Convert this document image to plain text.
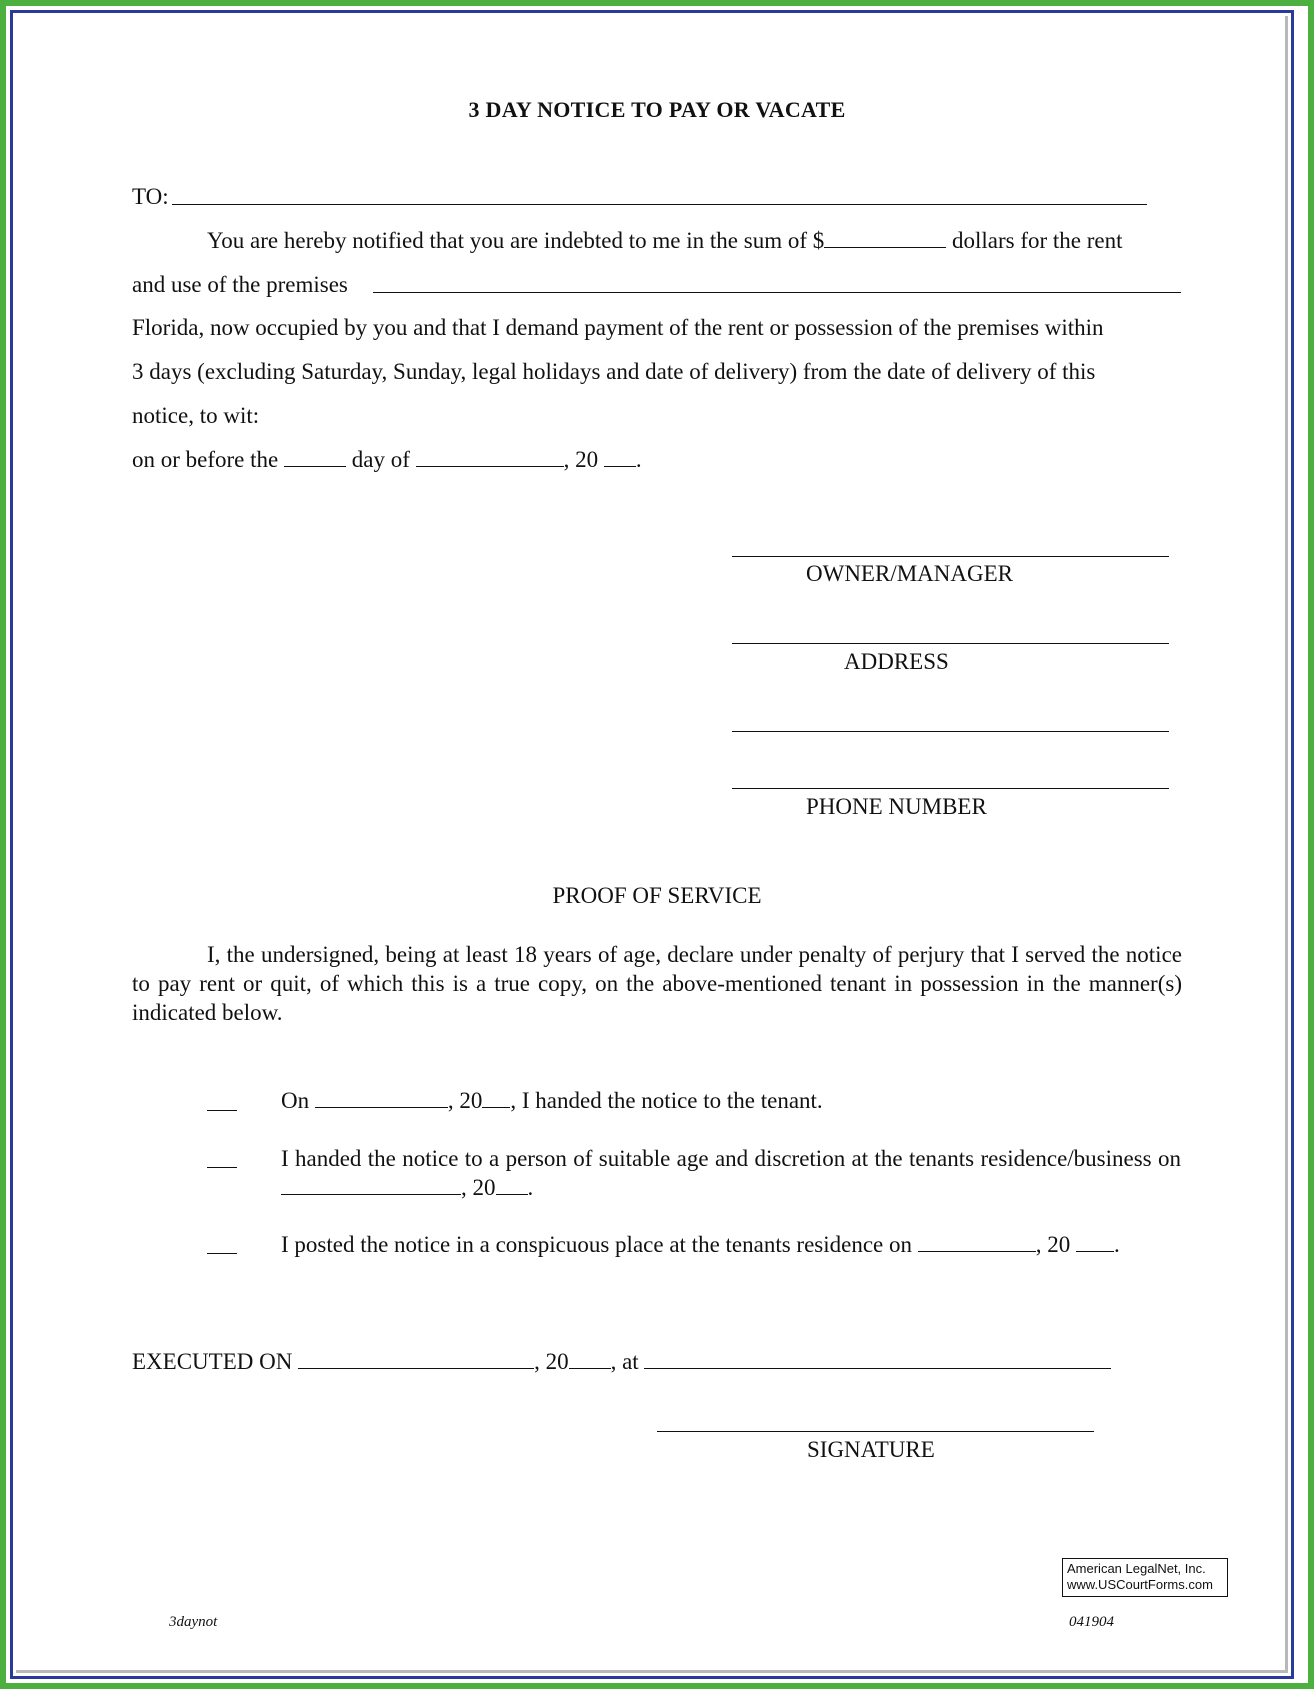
3 DAY NOTICE TO PAY OR VACATE
TO:
You are hereby notified that you are indebted to me in the sum of $	dollars for the rent
and use of the premises
Florida, now occupied by you and that I demand payment of the rent or possession of the premises within
3 days (excluding Saturday, Sunday, legal holidays and date of delivery) from the date of delivery of this
notice, to wit:
on or before the	day of	, 20 .
OWNER/MANAGER
ADDRESS
PHONE NUMBER
PROOF OF SERVICE
I, the undersigned, being at least 18 years of age, declare under penalty of perjury that I served the notice to pay rent or quit, of which this is a true copy, on the above-mentioned tenant in possession in the manner(s) indicated below.
On	, 20 , I handed the notice to the tenant.
I handed the notice to a person of suitable age and discretion at the tenants residence/business on , 20 .
I posted the notice in a conspicuous place at the tenants residence on	, 20 .
EXECUTED ON	, 20 , at
SIGNATURE
American LegalNet, Inc.
www.USCourtForms.com
3daynot	041904
